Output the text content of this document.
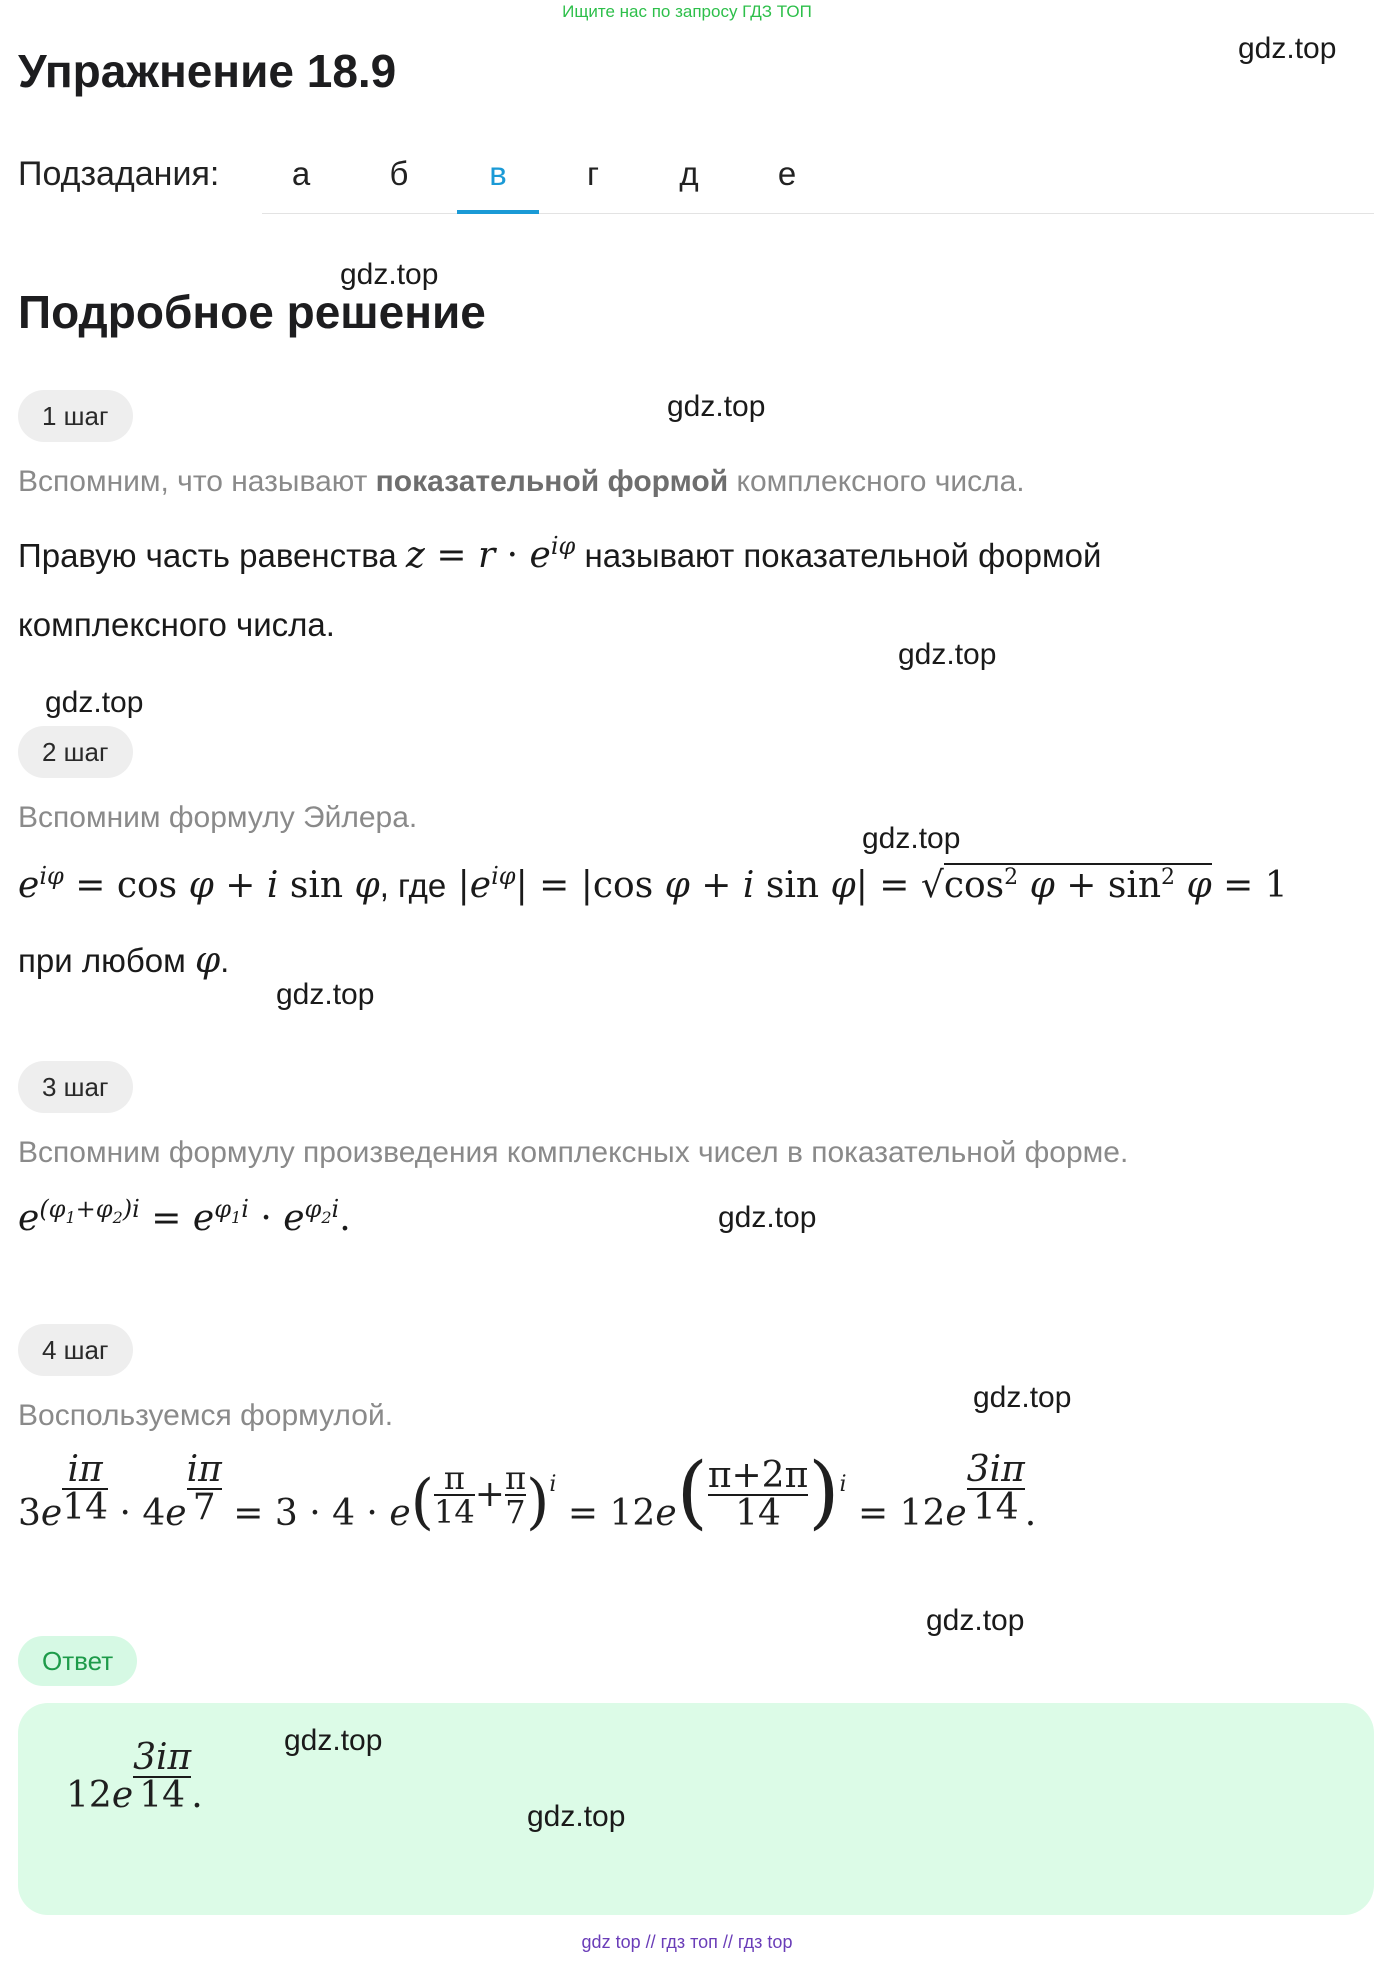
Ищите нас по запросу ГДЗ ТОП
gdz.top
Упражнение 18.9
Подзадания:	а	б	в	г	д	е
gdz.top
Подробное решение
1 шаг	gdz.top
Вспомним, что называют показательной формой комплексного числа.
Правую часть равенства $z = r \cdot e^{i\varphi}$ называют показательной формой
комплексного числа.
gdz.top
gdz.top
2 шаг
Вспомним формулу Эйлера.
gdz.top
$e^{i\varphi} = \cos \varphi + i$ sin φ, где $|e^{i\varphi}| = |\cos$ φ + i $\sin \varphi| = √\cos^2$ $\varphi + \sin^2 \varphi = 1$
при любом φ.
gdz.top
3 шаг
Вспомним формулу произведения комплексных чисел в показательной форме.
$e^{(\varphi_1+\varphi_2)i} = e^{\varphi_1i} \cdot e^{\varphi_2i}$.	gdz.top
4 шаг
Воспользуемся формулой.
gdz.top
$3e \frac{i\pi}{14} \cdot 4e \frac{i\pi}{7} = 3 \cdot 4 \cdot e( \frac{\pi}{14} + \frac{\pi}{7} )^i = 12e( \frac{\pi+2\pi}{14} )^i = 12e \frac{3i\pi}{14}$ .
gdz.top
Ответ
$12e \frac{3i\pi}{14}$ .
gdz.top
gdz.top
gdz top // гдз топ // гдз top
